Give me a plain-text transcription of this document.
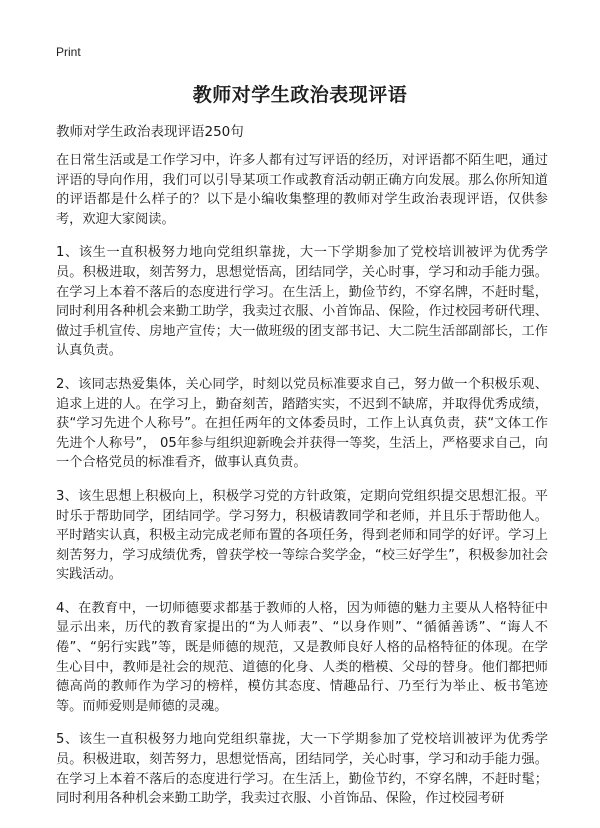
Print
教师对学生政治表现评语
教师对学生政治表现评语250句

在日常生活或是工作学习中，许多人都有过写评语的经历，对评语都不陌生吧，通过评语的导向作用，我们可以引导某项工作或教育活动朝正确方向发展。那么你所知道的评语都是什么样子的？以下是小编收集整理的教师对学生政治表现评语，仅供参考，欢迎大家阅读。

1、该生一直积极努力地向党组织靠拢，大一下学期参加了党校培训被评为优秀学员。积极进取，刻苦努力，思想觉悟高，团结同学，关心时事，学习和动手能力强。在学习上本着不落后的态度进行学习。在生活上，勤俭节约，不穿名牌，不赶时髦，同时利用各种机会来勤工助学，我卖过衣服、小首饰品、保险，作过校园考研代理、做过手机宣传、房地产宣传；大一做班级的团支部书记、大二院生活部副部长，工作认真负责。

2、该同志热爱集体，关心同学，时刻以党员标准要求自己，努力做一个积极乐观、追求上进的人。在学习上，勤奋刻苦，踏踏实实，不迟到不缺席，并取得优秀成绩，获“学习先进个人称号”。在担任两年的文体委员时，工作上认真负责，获“文体工作先进个人称号”， 05年参与组织迎新晚会并获得一等奖，生活上，严格要求自己，向一个合格党员的标准看齐，做事认真负责。

3、该生思想上积极向上，积极学习党的方针政策，定期向党组织提交思想汇报。平时乐于帮助同学，团结同学。学习努力，积极请教同学和老师，并且乐于帮助他人。平时踏实认真，积极主动完成老师布置的各项任务，得到老师和同学的好评。学习上刻苦努力，学习成绩优秀，曾获学校一等综合奖学金，“校三好学生”，积极参加社会实践活动。

4、在教育中，一切师德要求都基于教师的人格，因为师德的魅力主要从人格特征中显示出来，历代的教育家提出的“为人师表”、“以身作则”、“循循善诱”、“诲人不倦”、“躬行实践”等，既是师德的规范，又是教师良好人格的品格特征的体现。在学生心目中，教师是社会的规范、道德的化身、人类的楷模、父母的替身。他们都把师德高尚的教师作为学习的榜样，模仿其态度、情趣品行、乃至行为举止、板书笔迹等。而师爱则是师德的灵魂。

5、该生一直积极努力地向党组织靠拢，大一下学期参加了党校培训被评为优秀学员。积极进取，刻苦努力，思想觉悟高，团结同学，关心时事，学习和动手能力强。在学习上本着不落后的态度进行学习。在生活上，勤俭节约，不穿名牌，不赶时髦；同时利用各种机会来勤工助学，我卖过衣服、小首饰品、保险，作过校园考研
